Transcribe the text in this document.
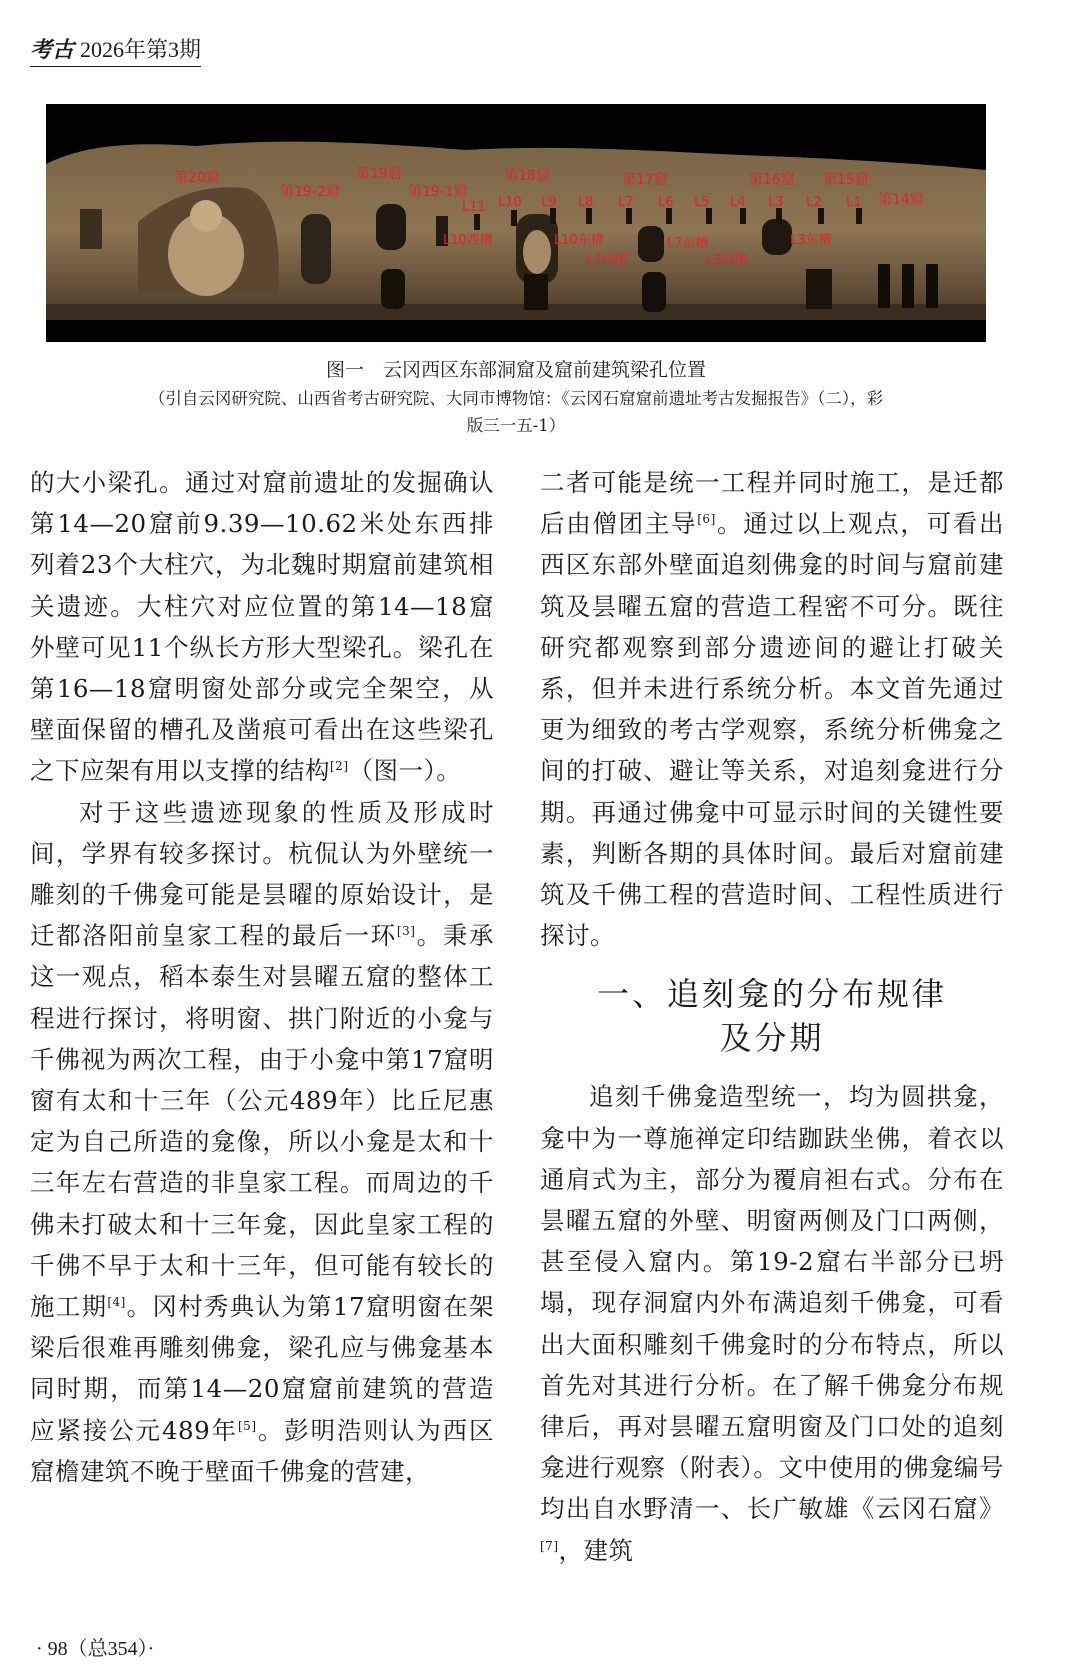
考古 2026年第3期
第20窟
第19-2窟
第19窟
第19-1窟
第18窟	第17窟	第16窟 第15窟
第14窟
L11 L10 L9 L8 L7 L6 L5 L4 L3 L2 L1
L10西槽	L10东槽
L7西槽
L7东槽
L3西槽
L3东槽
图一　云冈西区东部洞窟及窟前建筑梁孔位置
（引自云冈研究院、山西省考古研究院、大同市博物馆：《云冈石窟窟前遗址考古发掘报告》（二），彩
版三一五-1）

的大小梁孔。通过对窟前遗址的发掘确认第14—20窟前9.39—10.62米处东西排列着23个大柱穴，为北魏时期窟前建筑相关遗迹。大柱穴对应位置的第14—18窟外壁可见11个纵长方形大型梁孔。梁孔在第16—18窟明窗处部分或完全架空，从壁面保留的槽孔及凿痕可看出在这些梁孔之下应架有用以支撑的结构[2]（图一）。

对于这些遗迹现象的性质及形成时间，学界有较多探讨。杭侃认为外壁统一雕刻的千佛龛可能是昙曜的原始设计，是迁都洛阳前皇家工程的最后一环[3]。秉承这一观点，稻本泰生对昙曜五窟的整体工程进行探讨，将明窗、拱门附近的小龛与千佛视为两次工程，由于小龛中第17窟明窗有太和十三年（公元489年）比丘尼惠定为自己所造的龛像，所以小龛是太和十三年左右营造的非皇家工程。而周边的千佛未打破太和十三年龛，因此皇家工程的千佛不早于太和十三年，但可能有较长的施工期[4]。冈村秀典认为第17窟明窗在架梁后很难再雕刻佛龛，梁孔应与佛龛基本同时期，而第14—20窟窟前建筑的营造应紧接公元489年[5]。彭明浩则认为西区窟檐建筑不晚于壁面千佛龛的营建，

二者可能是统一工程并同时施工，是迁都后由僧团主导[6]。通过以上观点，可看出西区东部外壁面追刻佛龛的时间与窟前建筑及昙曜五窟的营造工程密不可分。既往研究都观察到部分遗迹间的避让打破关系，但并未进行系统分析。本文首先通过更为细致的考古学观察，系统分析佛龛之间的打破、避让等关系，对追刻龛进行分期。再通过佛龛中可显示时间的关键性要素，判断各期的具体时间。最后对窟前建筑及千佛工程的营造时间、工程性质进行探讨。

一、追刻龛的分布规律
及分期

追刻千佛龛造型统一，均为圆拱龛，龛中为一尊施禅定印结跏趺坐佛，着衣以通肩式为主，部分为覆肩袒右式。分布在昙曜五窟的外壁、明窗两侧及门口两侧，甚至侵入窟内。第19-2窟右半部分已坍塌，现存洞窟内外布满追刻千佛龛，可看出大面积雕刻千佛龛时的分布特点，所以首先对其进行分析。在了解千佛龛分布规律后，再对昙曜五窟明窗及门口处的追刻龛进行观察（附表）。文中使用的佛龛编号均出自水野清一、长广敏雄《云冈石窟》[7]，建筑

· 98（总354）·
